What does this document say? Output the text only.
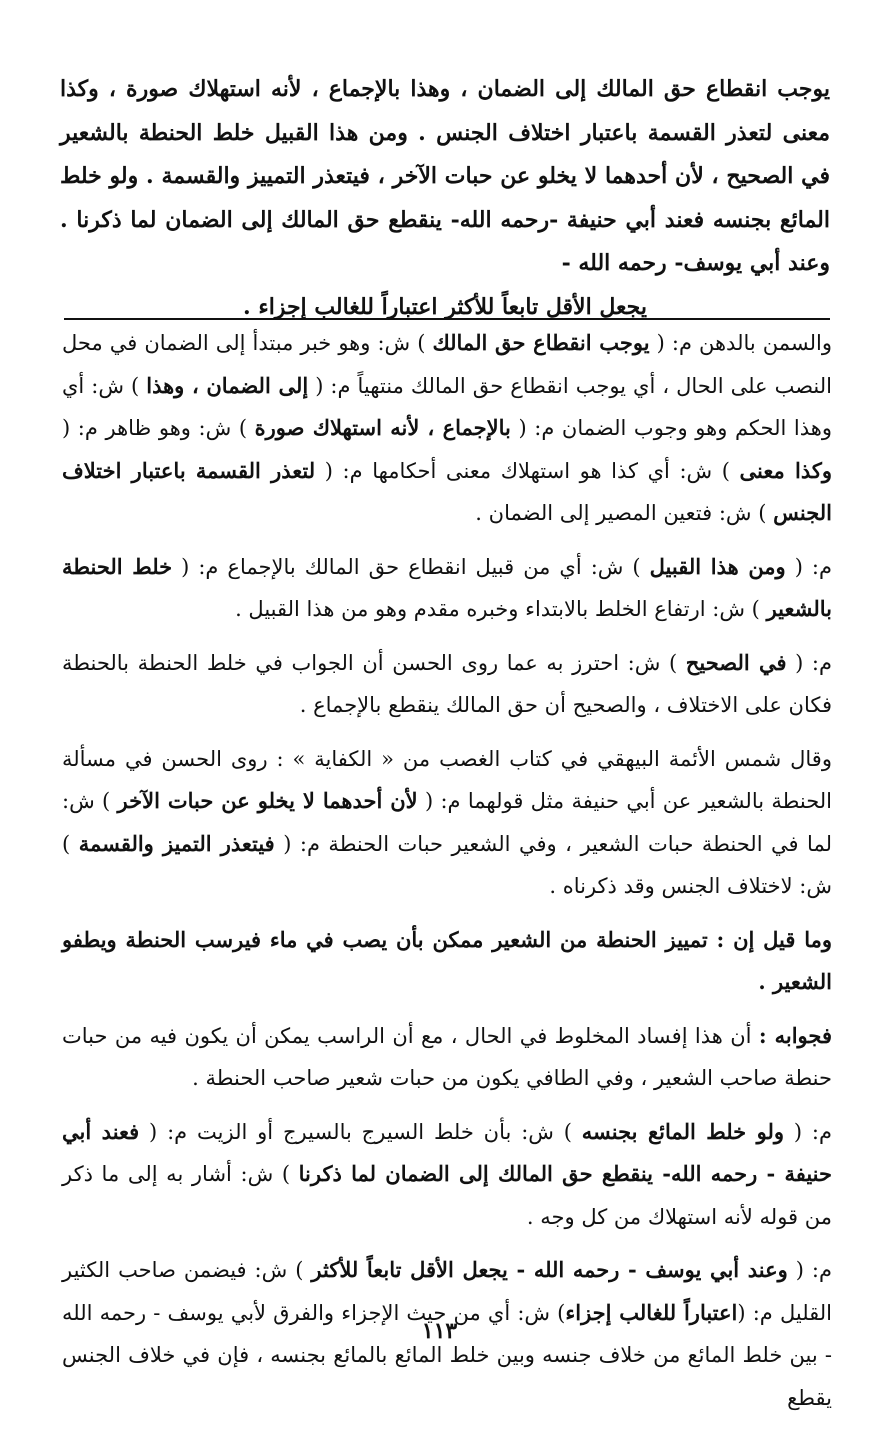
يوجب انقطاع حق المالك إلى الضمان ، وهذا بالإجماع ، لأنه استهلاك صورة ، وكذا معنى لتعذر القسمة باعتبار اختلاف الجنس . ومن هذا القبيل خلط الحنطة بالشعير في الصحيح ، لأن أحدهما لا يخلو عن حبات الآخر ، فيتعذر التمييز والقسمة . ولو خلط المائع بجنسه فعند أبي حنيفة -رحمه الله- ينقطع حق المالك إلى الضمان لما ذكرنا . وعند أبي يوسف- رحمه الله -

يجعل الأقل تابعاً للأكثر اعتباراً للغالب إجزاء .

والسمن بالدهن م: ( يوجب انقطاع حق المالك ) ش: وهو خبر مبتدأ إلى الضمان في محل النصب على الحال ، أي يوجب انقطاع حق المالك منتهياً م: ( إلى الضمان ، وهذا ) ش: أي وهذا الحكم وهو وجوب الضمان م: ( بالإجماع ، لأنه استهلاك صورة ) ش: وهو ظاهر م: ( وكذا معنى ) ش: أي كذا هو استهلاك معنى أحكامها م: ( لتعذر القسمة باعتبار اختلاف الجنس ) ش: فتعين المصير إلى الضمان .

م: ( ومن هذا القبيل ) ش: أي من قبيل انقطاع حق المالك بالإجماع م: ( خلط الحنطة بالشعير ) ش: ارتفاع الخلط بالابتداء وخبره مقدم وهو من هذا القبيل .

م: ( في الصحيح ) ش: احترز به عما روى الحسن أن الجواب في خلط الحنطة بالحنطة فكان على الاختلاف ، والصحيح أن حق المالك ينقطع بالإجماع .

وقال شمس الأئمة البيهقي في كتاب الغصب من « الكفاية » : روى الحسن في مسألة الحنطة بالشعير عن أبي حنيفة مثل قولهما م: ( لأن أحدهما لا يخلو عن حبات الآخر ) ش: لما في الحنطة حبات الشعير ، وفي الشعير حبات الحنطة م: ( فيتعذر التميز والقسمة ) ش: لاختلاف الجنس وقد ذكرناه .

وما قيل إن : تمييز الحنطة من الشعير ممكن بأن يصب في ماء فيرسب الحنطة ويطفو الشعير .

فجوابه : أن هذا إفساد المخلوط في الحال ، مع أن الراسب يمكن أن يكون فيه من حبات حنطة صاحب الشعير ، وفي الطافي يكون من حبات شعير صاحب الحنطة .

م: ( ولو خلط المائع بجنسه ) ش: بأن خلط السيرج بالسيرج أو الزيت م: ( فعند أبي حنيفة - رحمه الله- ينقطع حق المالك إلى الضمان لما ذكرنا ) ش: أشار به إلى ما ذكر من قوله لأنه استهلاك من كل وجه .

م: ( وعند أبي يوسف - رحمه الله - يجعل الأقل تابعاً للأكثر ) ش: فيضمن صاحب الكثير القليل م: (اعتباراً للغالب إجزاء) ش: أي من حيث الإجزاء والفرق لأبي يوسف - رحمه الله - بين خلط المائع من خلاف جنسه وبين خلط المائع بالمائع بجنسه ، فإن في خلاف الجنس يقطع

١١٣
